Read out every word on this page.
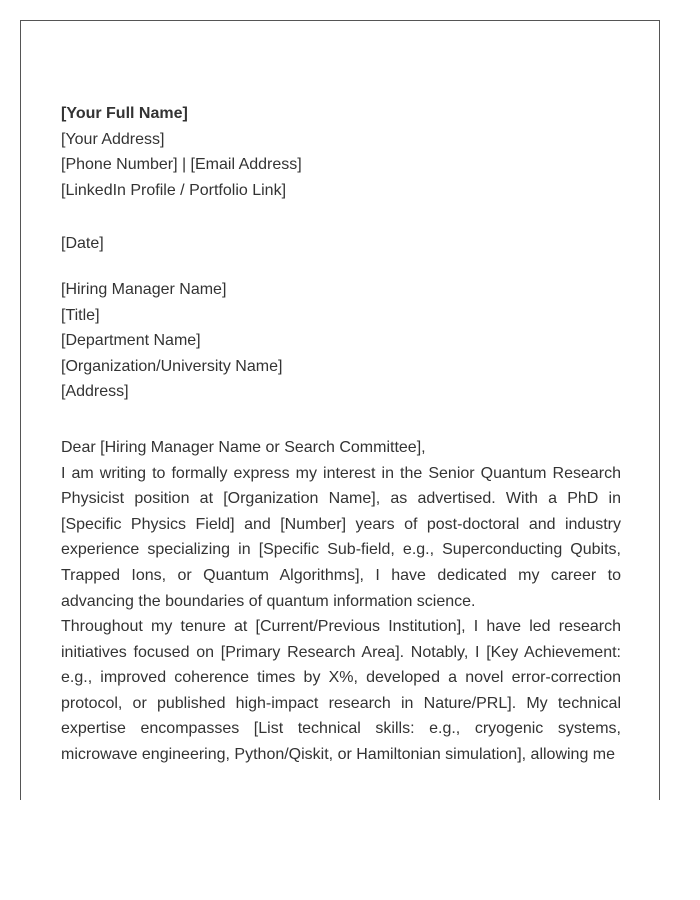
[Your Full Name]
[Your Address]
[Phone Number] | [Email Address]
[LinkedIn Profile / Portfolio Link]
[Date]
[Hiring Manager Name]
[Title]
[Department Name]
[Organization/University Name]
[Address]
Dear [Hiring Manager Name or Search Committee],

I am writing to formally express my interest in the Senior Quantum Research Physicist position at [Organization Name], as advertised. With a PhD in [Specific Physics Field] and [Number] years of post-doctoral and industry experience specializing in [Specific Sub-field, e.g., Superconducting Qubits, Trapped Ions, or Quantum Algorithms], I have dedicated my career to advancing the boundaries of quantum information science.

Throughout my tenure at [Current/Previous Institution], I have led research initiatives focused on [Primary Research Area]. Notably, I [Key Achievement: e.g., improved coherence times by X%, developed a novel error-correction protocol, or published high-impact research in Nature/PRL]. My technical expertise encompasses [List technical skills: e.g., cryogenic systems, microwave engineering, Python/Qiskit, or Hamiltonian simulation], allowing me
